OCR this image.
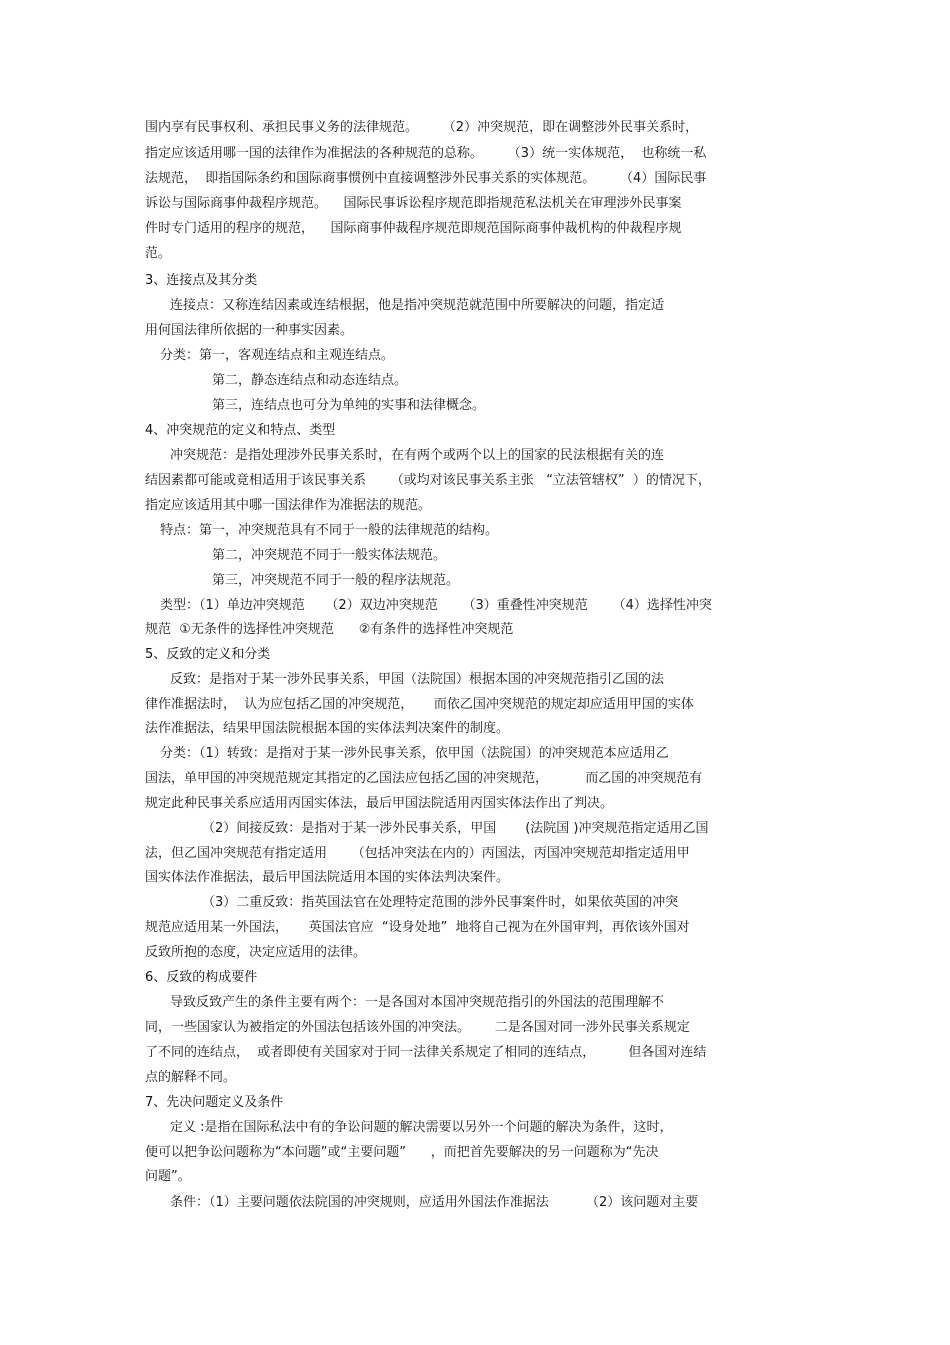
围内享有民事权利、承担民事义务的法律规范。      （2）冲突规范，即在调整涉外民事关系时，
指定应该适用哪一国的法律作为准据法的各种规范的总称。      （3）统一实体规范，  也称统一私
法规范，  即指国际条约和国际商事惯例中直接调整涉外民事关系的实体规范。      （4）国际民事
诉讼与国际商事仲裁程序规范。    国际民事诉讼程序规范即指规范私法机关在审理涉外民事案
件时专门适用的程序的规范，    国际商事仲裁程序规范即规范国际商事仲裁机构的仲裁程序规
范。
3、连接点及其分类
连接点：又称连结因素或连结根据，他是指冲突规范就范围中所要解决的问题，指定适
用何国法律所依据的一种事实因素。
分类：第一，客观连结点和主观连结点。
第二，静态连结点和动态连结点。
第三，连结点也可分为单纯的实事和法律概念。
4、冲突规范的定义和特点、类型
冲突规范：是指处理涉外民事关系时，在有两个或两个以上的国家的民法根据有关的连
结因素都可能或竟相适用于该民事关系      （或均对该民事关系主张   “立法管辖权”  ）的情况下，
指定应该适用其中哪一国法律作为准据法的规范。
特点：第一，冲突规范具有不同于一般的法律规范的结构。
第二，冲突规范不同于一般实体法规范。
第三，冲突规范不同于一般的程序法规范。
类型：（1）单边冲突规范     （2）双边冲突规范      （3）重叠性冲突规范      （4）选择性冲突
规范  ①无条件的选择性冲突规范      ②有条件的选择性冲突规范
5、反致的定义和分类
反致：是指对于某一涉外民事关系，甲国（法院国）根据本国的冲突规范指引乙国的法
律作准据法时，  认为应包括乙国的冲突规范，     而依乙国冲突规范的规定却应适用甲国的实体
法作准据法，结果甲国法院根据本国的实体法判决案件的制度。
分类：（1）转致：是指对于某一涉外民事关系，依甲国（法院国）的冲突规范本应适用乙
国法，单甲国的冲突规范规定其指定的乙国法应包括乙国的冲突规范，         而乙国的冲突规范有
规定此种民事关系应适用丙国实体法，最后甲国法院适用丙国实体法作出了判决。
（2）间接反致：是指对于某一涉外民事关系，甲国       (法院国 )冲突规范指定适用乙国
法，但乙国冲突规范有指定适用      （包括冲突法在内的）丙国法，丙国冲突规范却指定适用甲
国实体法作准据法，最后甲国法院适用本国的实体法判决案件。
（3）二重反致：指英国法官在处理特定范围的涉外民事案件时，如果依英国的冲突
规范应适用某一外国法，     英国法官应  “设身处地”  地将自己视为在外国审判，再依该外国对
反致所抱的态度，决定应适用的法律。
6、反致的构成要件
导致反致产生的条件主要有两个：一是各国对本国冲突规范指引的外国法的范围理解不
同，一些国家认为被指定的外国法包括该外国的冲突法。      二是各国对同一涉外民事关系规定
了不同的连结点，  或者即使有关国家对于同一法律关系规定了相同的连结点，        但各国对连结
点的解释不同。
7、先决问题定义及条件
定义 :是指在国际私法中有的争讼问题的解决需要以另外一个问题的解决为条件，这时，
便可以把争讼问题称为“本问题”或“主要问题”      ，而把首先要解决的另一问题称为“先决
问题”。
条件：（1）主要问题依法院国的冲突规则，应适用外国法作准据法         （2）该问题对主要
